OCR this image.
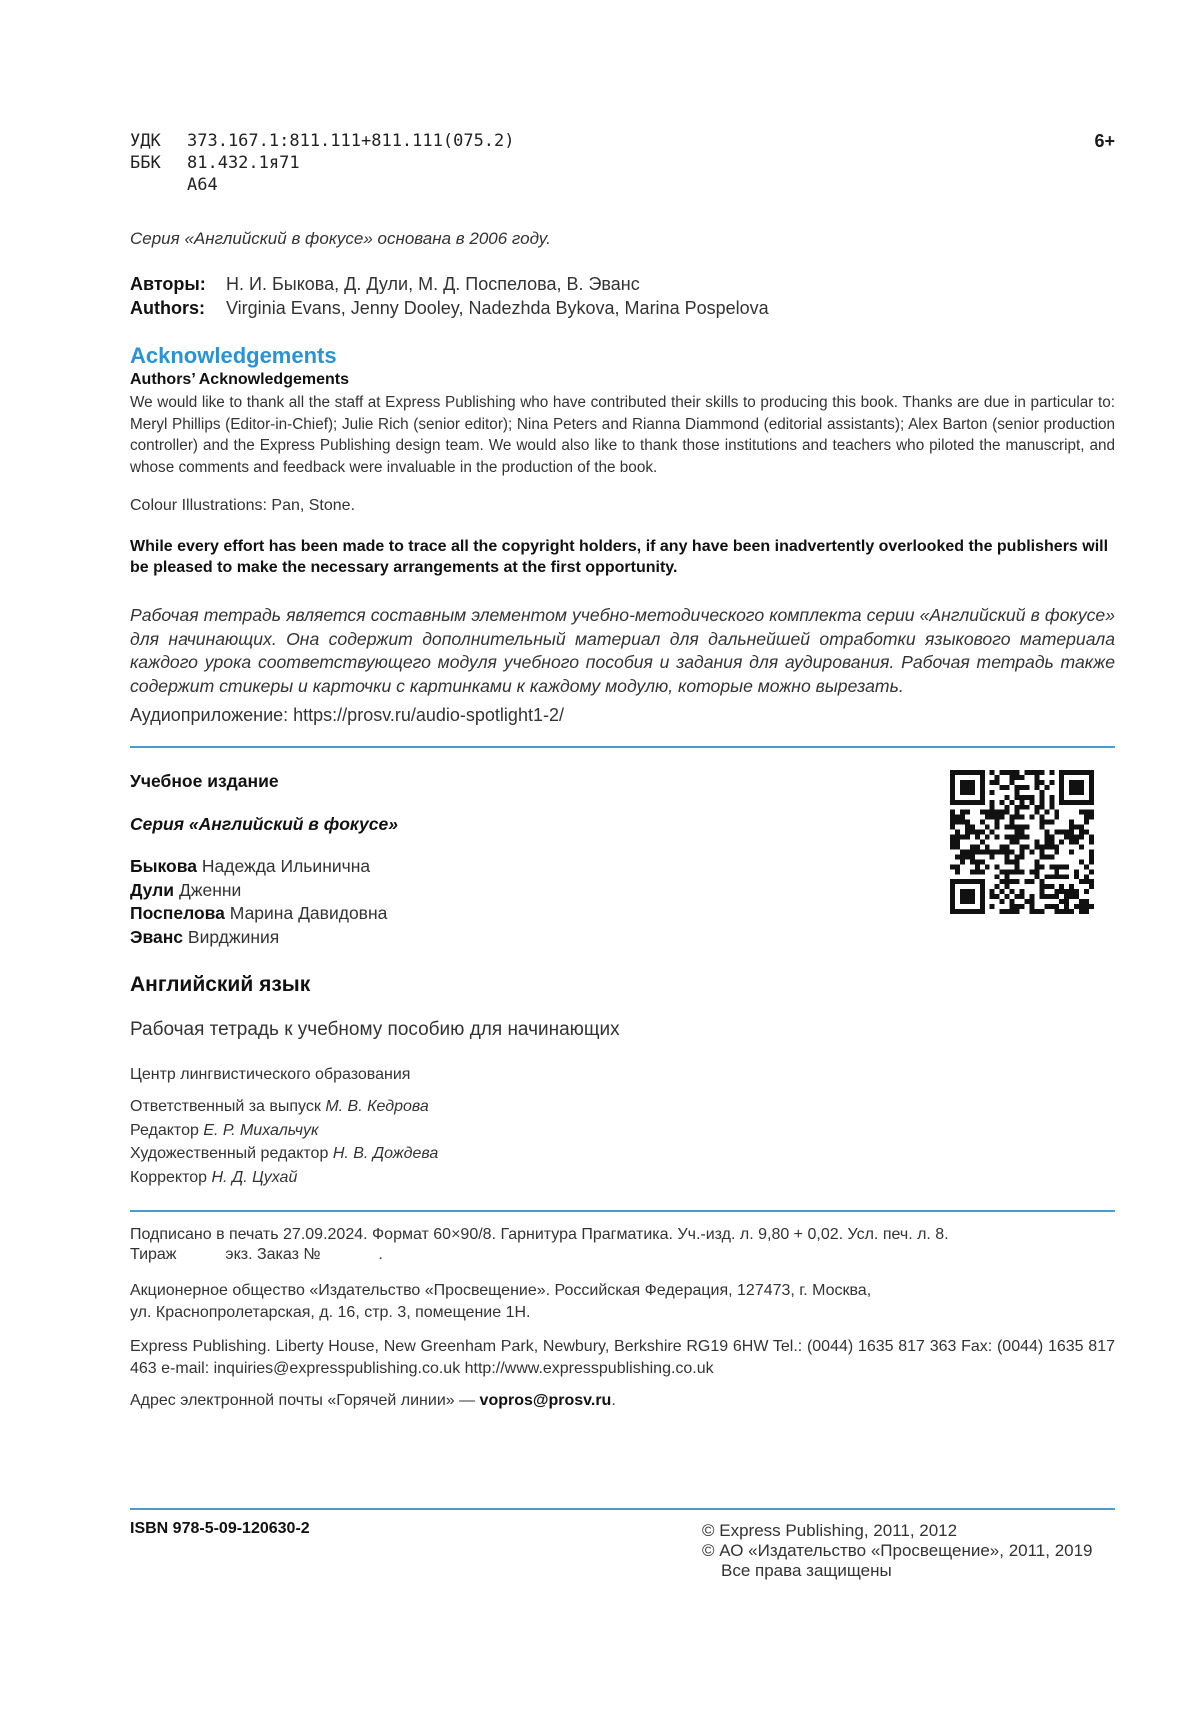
УДК 373.167.1:811.111+811.111(075.2)
ББК 81.432.1я71
А64
6+
Серия «Английский в фокусе» основана в 2006 году.
Авторы: Н. И. Быкова, Д. Дули, М. Д. Поспелова, В. Эванс
Authors: Virginia Evans, Jenny Dooley, Nadezhda Bykova, Marina Pospelova
Acknowledgements
Authors’ Acknowledgements
We would like to thank all the staff at Express Publishing who have contributed their skills to producing this book. Thanks are due in particular to: Meryl Phillips (Editor-in-Chief); Julie Rich (senior editor); Nina Peters and Rianna Diammond (editorial assistants); Alex Barton (senior production controller) and the Express Publishing design team. We would also like to thank those institutions and teachers who piloted the manuscript, and whose comments and feedback were invaluable in the production of the book.
Colour Illustrations: Pan, Stone.
While every effort has been made to trace all the copyright holders, if any have been inadvertently overlooked the publishers will be pleased to make the necessary arrangements at the first opportunity.
Рабочая тетрадь является составным элементом учебно-методического комплекта серии «Английский в фокусе» для начинающих. Она содержит дополнительный материал для дальнейшей отработки языкового материала каждого урока соответствующего модуля учебного пособия и задания для аудирования. Рабочая тетрадь также содержит стикеры и карточки с картинками к каждому модулю, которые можно вырезать.
Аудиоприложение: https://prosv.ru/audio-spotlight1-2/
Учебное издание
Серия «Английский в фокусе»
Быкова Надежда Ильинична
Дули Дженни
Поспелова Марина Давидовна
Эванс Вирджиния
Английский язык
Рабочая тетрадь к учебному пособию для начинающих
Центр лингвистического образования
Ответственный за выпуск М. В. Кедрова
Редактор Е. Р. Михальчук
Художественный редактор Н. В. Дождева
Корректор Н. Д. Цухай
Подписано в печать 27.09.2024. Формат 60×90/8. Гарнитура Прагматика. Уч.-изд. л. 9,80 + 0,02. Усл. печ. л. 8.
Тираж	экз. Заказ №	.
Акционерное общество «Издательство «Просвещение». Российская Федерация, 127473, г. Москва,
ул. Краснопролетарская, д. 16, стр. 3, помещение 1Н.
Express Publishing. Liberty House, New Greenham Park, Newbury, Berkshire RG19 6HW Tel.: (0044) 1635 817 363 Fax: (0044) 1635 817 463 e-mail: inquiries@expresspublishing.co.uk http://www.expresspublishing.co.uk
Адрес электронной почты «Горячей линии» — vopros@prosv.ru.
ISBN 978-5-09-120630-2	© Express Publishing, 2011, 2012
© АО «Издательство «Просвещение», 2011, 2019
Все права защищены
